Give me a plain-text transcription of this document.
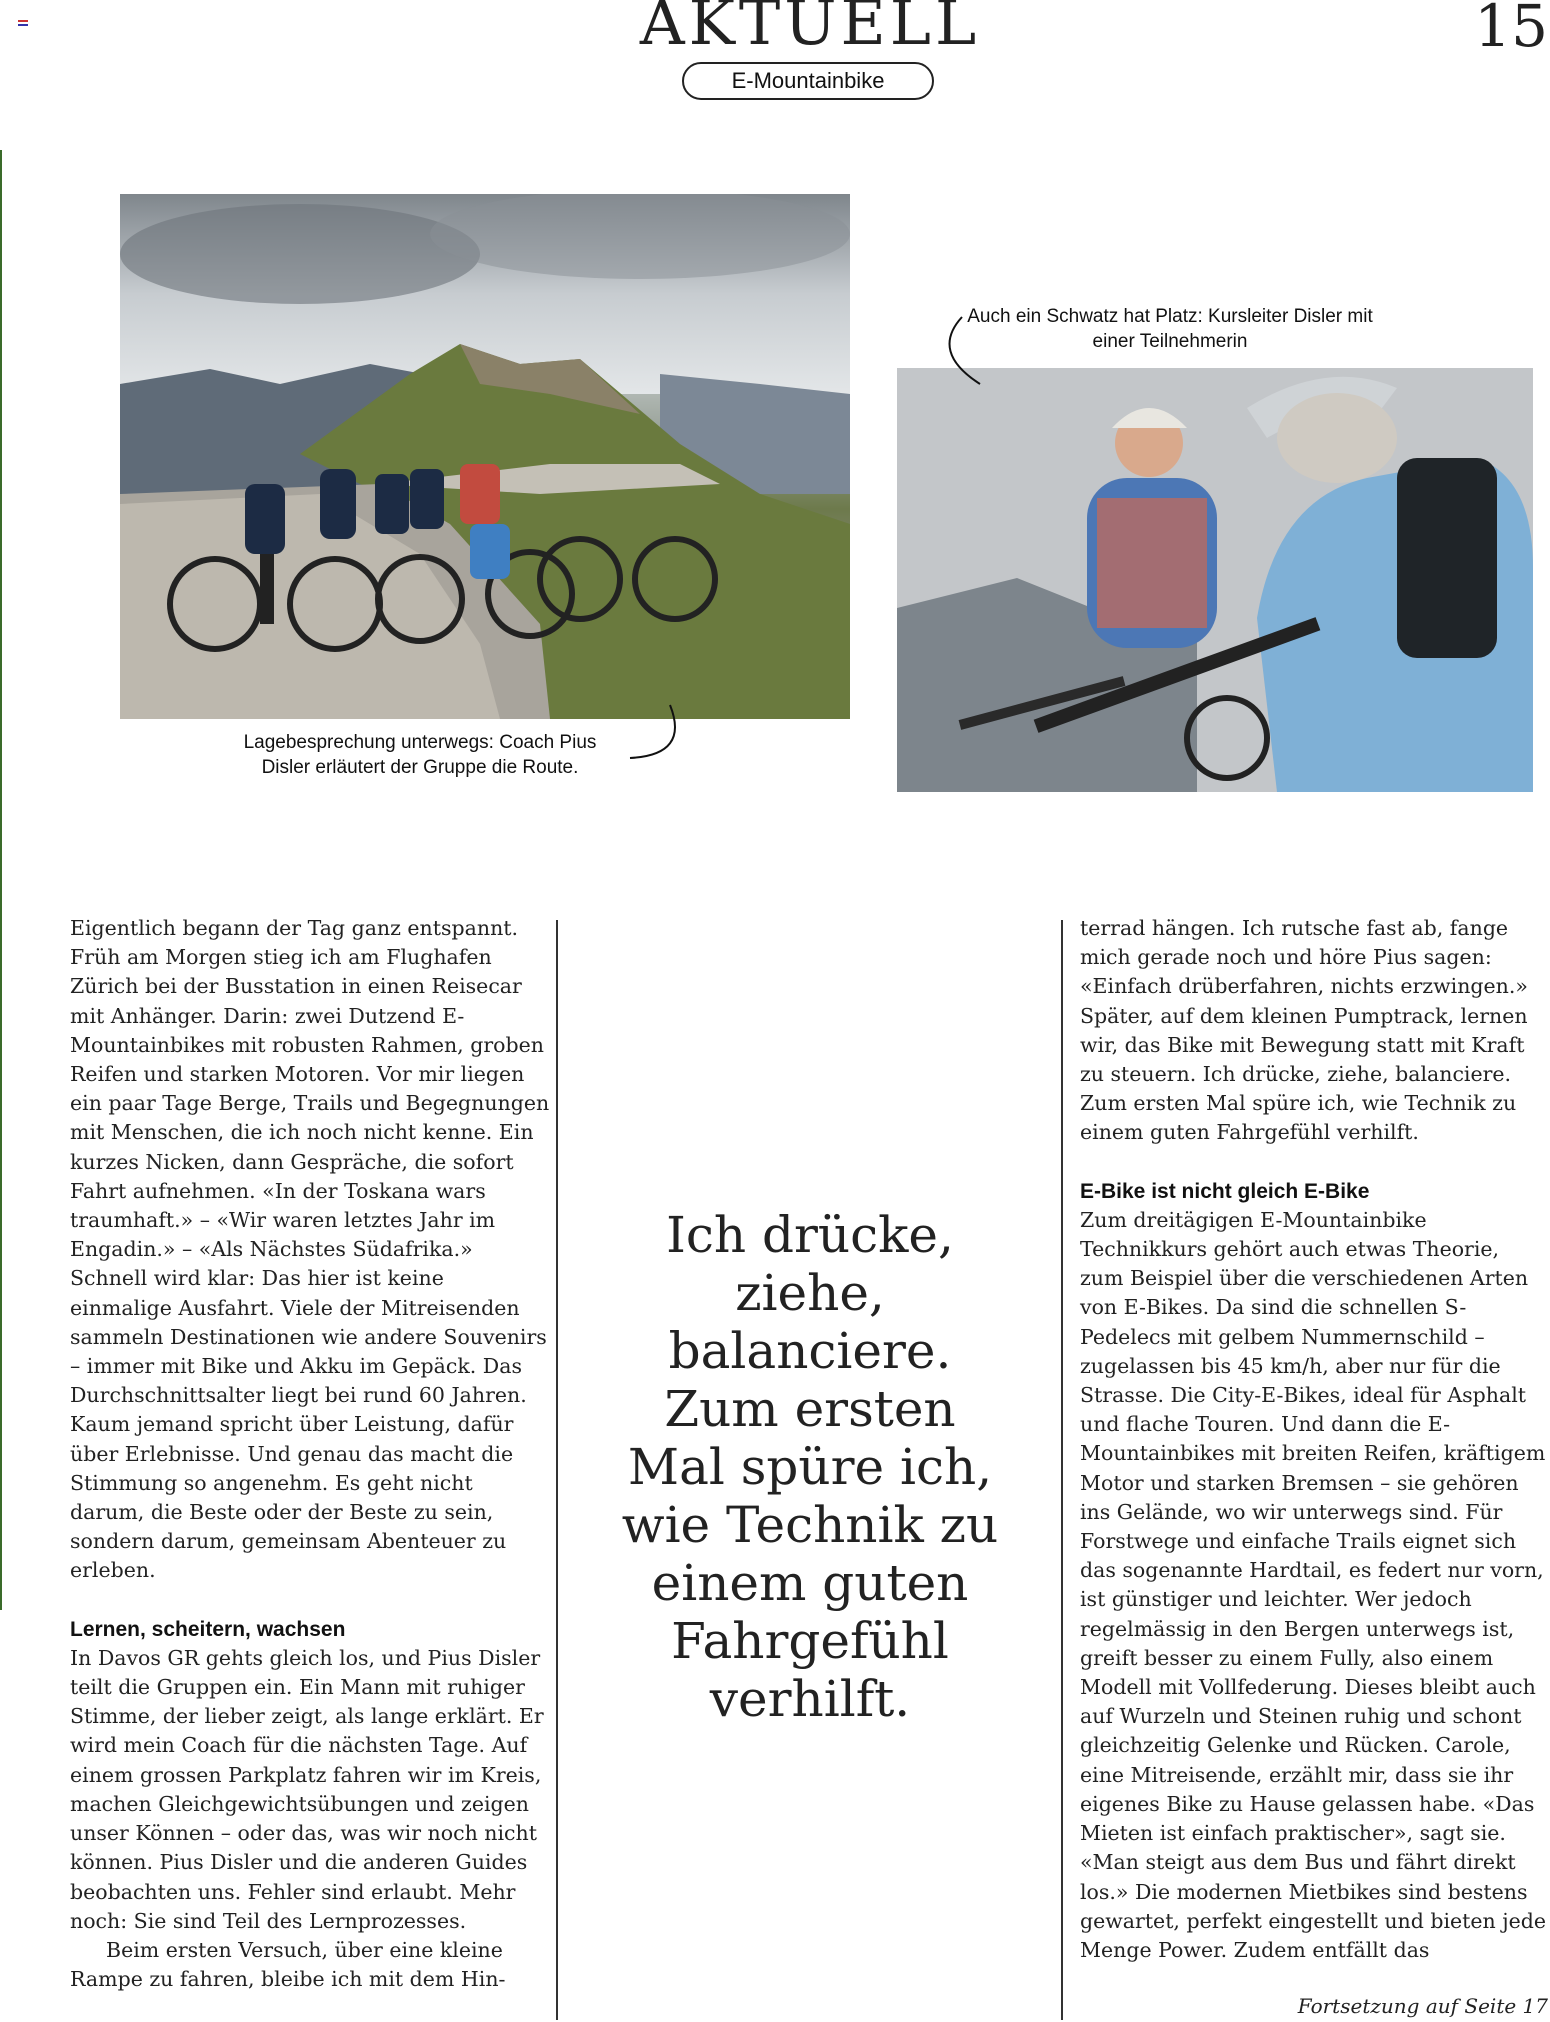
AKTUELL	15
E-Mountainbike
Lagebesprechung unterwegs: Coach Pius Disler erläutert der Gruppe die Route.
Auch ein Schwatz hat Platz: Kursleiter Disler mit einer Teilnehmerin

Eigentlich begann der Tag ganz entspannt. Früh am Morgen stieg ich am Flughafen Zürich bei der Busstation in einen Reisecar mit Anhänger. Darin: zwei Dutzend E-Mountainbikes mit robusten Rahmen, groben Reifen und starken Motoren. Vor mir liegen ein paar Tage Berge, Trails und Begegnungen mit Menschen, die ich noch nicht kenne. Ein kurzes Nicken, dann Gespräche, die sofort Fahrt aufnehmen. «In der Toskana wars traumhaft.» – «Wir waren letztes Jahr im Engadin.» – «Als Nächstes Südafrika.» Schnell wird klar: Das hier ist keine einmalige Ausfahrt. Viele der Mitreisenden sammeln Destinationen wie andere Souvenirs – immer mit Bike und Akku im Gepäck. Das Durchschnittsalter liegt bei rund 60 Jahren. Kaum jemand spricht über Leistung, dafür über Erlebnisse. Und genau das macht die Stimmung so angenehm. Es geht nicht darum, die Beste oder der Beste zu sein, sondern darum, gemeinsam Abenteuer zu erleben.

Lernen, scheitern, wachsen

In Davos GR gehts gleich los, und Pius Disler teilt die Gruppen ein. Ein Mann mit ruhiger Stimme, der lieber zeigt, als lange erklärt. Er wird mein Coach für die nächsten Tage. Auf einem grossen Parkplatz fahren wir im Kreis, machen Gleichgewichtsübungen und zeigen unser Können – oder das, was wir noch nicht können. Pius Disler und die anderen Guides beobachten uns. Fehler sind erlaubt. Mehr noch: Sie sind Teil des Lernprozesses.

Beim ersten Versuch, über eine kleine Rampe zu fahren, bleibe ich mit dem Hin-

Ich drücke, ziehe, balanciere. Zum ersten Mal spüre ich, wie Technik zu einem guten Fahrgefühl verhilft.

terrad hängen. Ich rutsche fast ab, fange mich gerade noch und höre Pius sagen: «Einfach drüberfahren, nichts erzwingen.» Später, auf dem kleinen Pumptrack, lernen wir, das Bike mit Bewegung statt mit Kraft zu steuern. Ich drücke, ziehe, balanciere. Zum ersten Mal spüre ich, wie Technik zu einem guten Fahrgefühl verhilft.

E-Bike ist nicht gleich E-Bike

Zum dreitägigen E-Mountainbike Technikkurs gehört auch etwas Theorie, zum Beispiel über die verschiedenen Arten von E-Bikes. Da sind die schnellen S-Pedelecs mit gelbem Nummernschild – zugelassen bis 45 km/h, aber nur für die Strasse. Die City-E-Bikes, ideal für Asphalt und flache Touren. Und dann die E-Mountainbikes mit breiten Reifen, kräftigem Motor und starken Bremsen – sie gehören ins Gelände, wo wir unterwegs sind. Für Forstwege und einfache Trails eignet sich das sogenannte Hardtail, es federt nur vorn, ist günstiger und leichter. Wer jedoch regelmässig in den Bergen unterwegs ist, greift besser zu einem Fully, also einem Modell mit Vollfederung. Dieses bleibt auch auf Wurzeln und Steinen ruhig und schont gleichzeitig Gelenke und Rücken. Carole, eine Mitreisende, erzählt mir, dass sie ihr eigenes Bike zu Hause gelassen habe. «Das Mieten ist einfach praktischer», sagt sie. «Man steigt aus dem Bus und fährt direkt los.» Die modernen Mietbikes sind bestens gewartet, perfekt eingestellt und bieten jede Menge Power. Zudem entfällt das

Fortsetzung auf Seite 17
